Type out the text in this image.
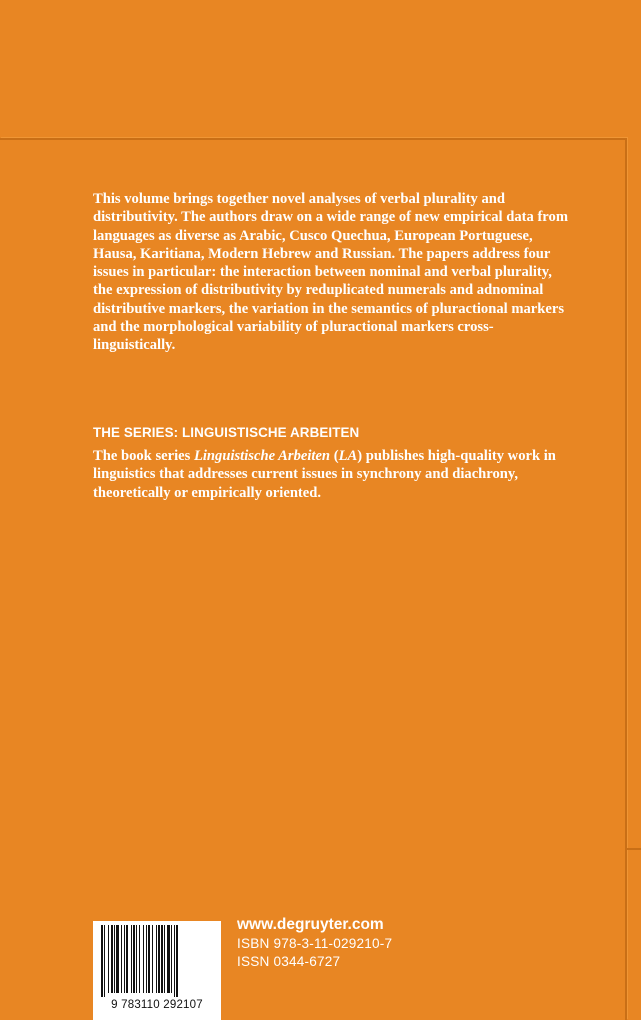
This volume brings together novel analyses of verbal plurality and distributivity. The authors draw on a wide range of new empirical data from languages as diverse as Arabic, Cusco Quechua, European Portuguese, Hausa, Karitiana, Modern Hebrew and Russian. The papers address four issues in particular: the interaction between nominal and verbal plurality, the expression of distributivity by reduplicated numerals and adnominal distributive markers, the variation in the semantics of pluractional markers and the morphological variability of pluractional markers cross-linguistically.

THE SERIES: LINGUISTISCHE ARBEITEN

The book series Linguistische Arbeiten (LA) publishes high-quality work in linguistics that addresses current issues in synchrony and diachrony, theoretically or empirically oriented.

9 783110 292107

www.degruyter.com

ISBN 978-3-11-029210-7

ISSN 0344-6727
